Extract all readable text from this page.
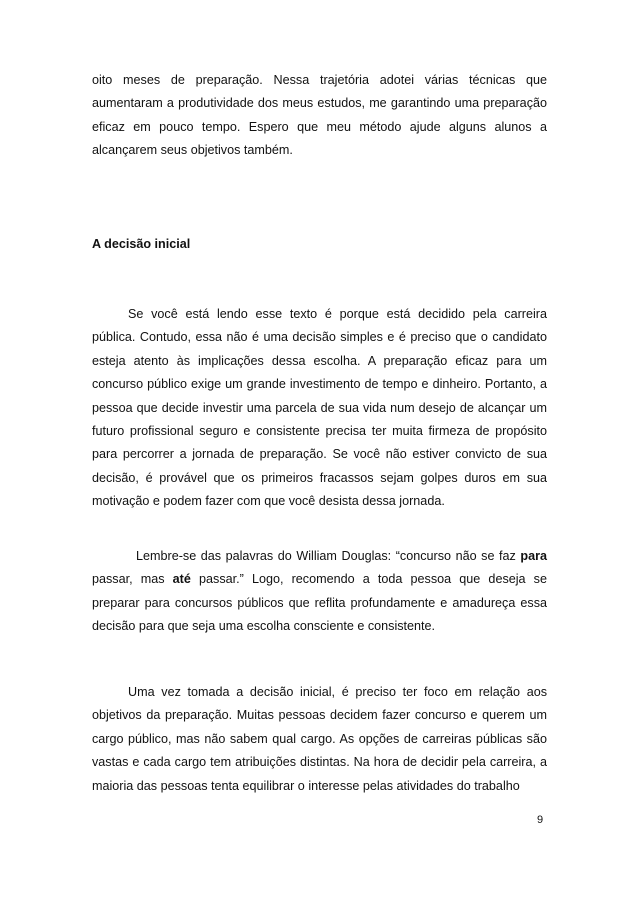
oito meses de preparação. Nessa trajetória adotei várias técnicas que aumentaram a produtividade dos meus estudos, me garantindo uma preparação eficaz em pouco tempo. Espero que meu método ajude alguns alunos a alcançarem seus objetivos também.

A decisão inicial

Se você está lendo esse texto é porque está decidido pela carreira pública. Contudo, essa não é uma decisão simples e é preciso que o candidato esteja atento às implicações dessa escolha. A preparação eficaz para um concurso público exige um grande investimento de tempo e dinheiro. Portanto, a pessoa que decide investir uma parcela de sua vida num desejo de alcançar um futuro profissional seguro e consistente precisa ter muita firmeza de propósito para percorrer a jornada de preparação. Se você não estiver convicto de sua decisão, é provável que os primeiros fracassos sejam golpes duros em sua motivação e podem fazer com que você desista dessa jornada.

Lembre-se das palavras do William Douglas: “concurso não se faz para passar, mas até passar.” Logo, recomendo a toda pessoa que deseja se preparar para concursos públicos que reflita profundamente e amadureça essa decisão para que seja uma escolha consciente e consistente.

Uma vez tomada a decisão inicial, é preciso ter foco em relação aos objetivos da preparação. Muitas pessoas decidem fazer concurso e querem um cargo público, mas não sabem qual cargo. As opções de carreiras públicas são vastas e cada cargo tem atribuições distintas. Na hora de decidir pela carreira, a maioria das pessoas tenta equilibrar o interesse pelas atividades do trabalho

9
